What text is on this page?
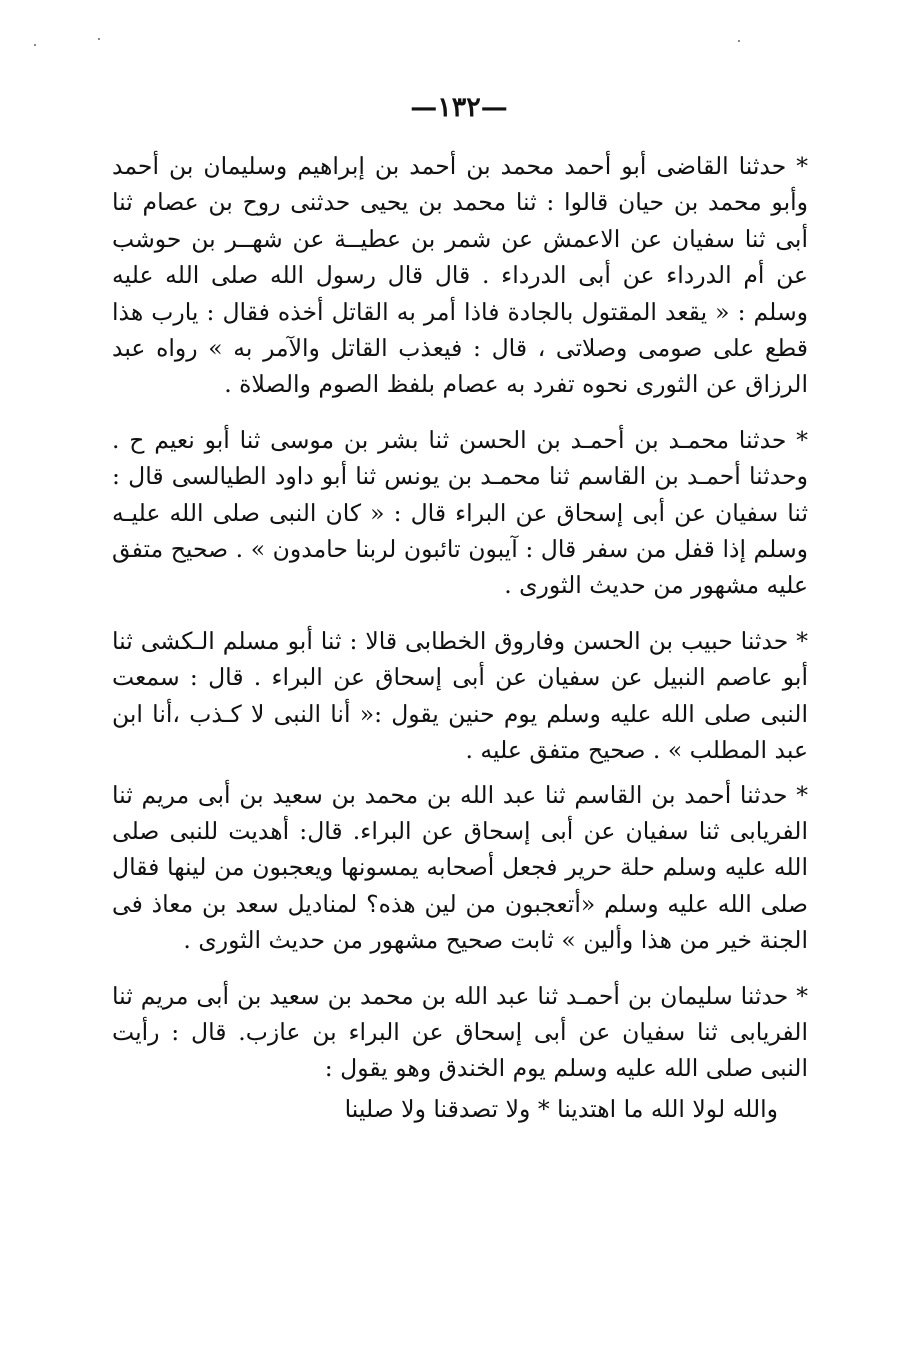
—١٣٢—

* حدثنا القاضى أبو أحمد محمد بن أحمد بن إبراهيم وسليمان بن أحمد وأبو محمد بن حيان قالوا : ثنا محمد بن يحيى حدثنى روح بن عصام ثنا أبى ثنا سفيان عن الاعمش عن شمر بن عطيــة عن شهــر بن حوشب عن أم الدرداء عن أبى الدرداء . قال قال رسول الله صلى الله عليه وسلم : « يقعد المقتول بالجادة فاذا أمر به القاتل أخذه فقال : يارب هذا قطع على صومى وصلاتى ، قال : فيعذب القاتل والآمر به » رواه عبد الرزاق عن الثورى نحوه تفرد به عصام بلفظ الصوم والصلاة .

* حدثنا محمـد بن أحمـد بن الحسن ثنا بشر بن موسى ثنا أبو نعيم ح . وحدثنا أحمـد بن القاسم ثنا محمـد بن يونس ثنا أبو داود الطيالسى قال : ثنا سفيان عن أبى إسحاق عن البراء قال : « كان النبى صلى الله عليـه وسلم إذا قفل من سفر قال : آيبون تائبون لربنا حامدون » . صحيح متفق عليه مشهور من حديث الثورى .

* حدثنا حبيب بن الحسن وفاروق الخطابى قالا : ثنا أبو مسلم الـكشى ثنا أبو عاصم النبيل عن سفيان عن أبى إسحاق عن البراء . قال : سمعت النبى صلى الله عليه وسلم يوم حنين يقول :« أنا النبى لا كـذب ،أنا ابن عبد المطلب » . صحيح متفق عليه .

* حدثنا أحمد بن القاسم ثنا عبد الله بن محمد بن سعيد بن أبى مريم ثنا الفريابى ثنا سفيان عن أبى إسحاق عن البراء. قال: أهديت للنبى صلى الله عليه وسلم حلة حرير فجعل أصحابه يمسونها ويعجبون من لينها فقال صلى الله عليه وسلم «أتعجبون من لين هذه؟ لمناديل سعد بن معاذ فى الجنة خير من هذا وألين » ثابت صحيح مشهور من حديث الثورى .

* حدثنا سليمان بن أحمـد ثنا عبد الله بن محمد بن سعيد بن أبى مريم ثنا الفريابى ثنا سفيان عن أبى إسحاق عن البراء بن عازب. قال : رأيت النبى صلى الله عليه وسلم يوم الخندق وهو يقول :

والله لولا الله ما اهتدينا * ولا تصدقنا ولا صلينا
